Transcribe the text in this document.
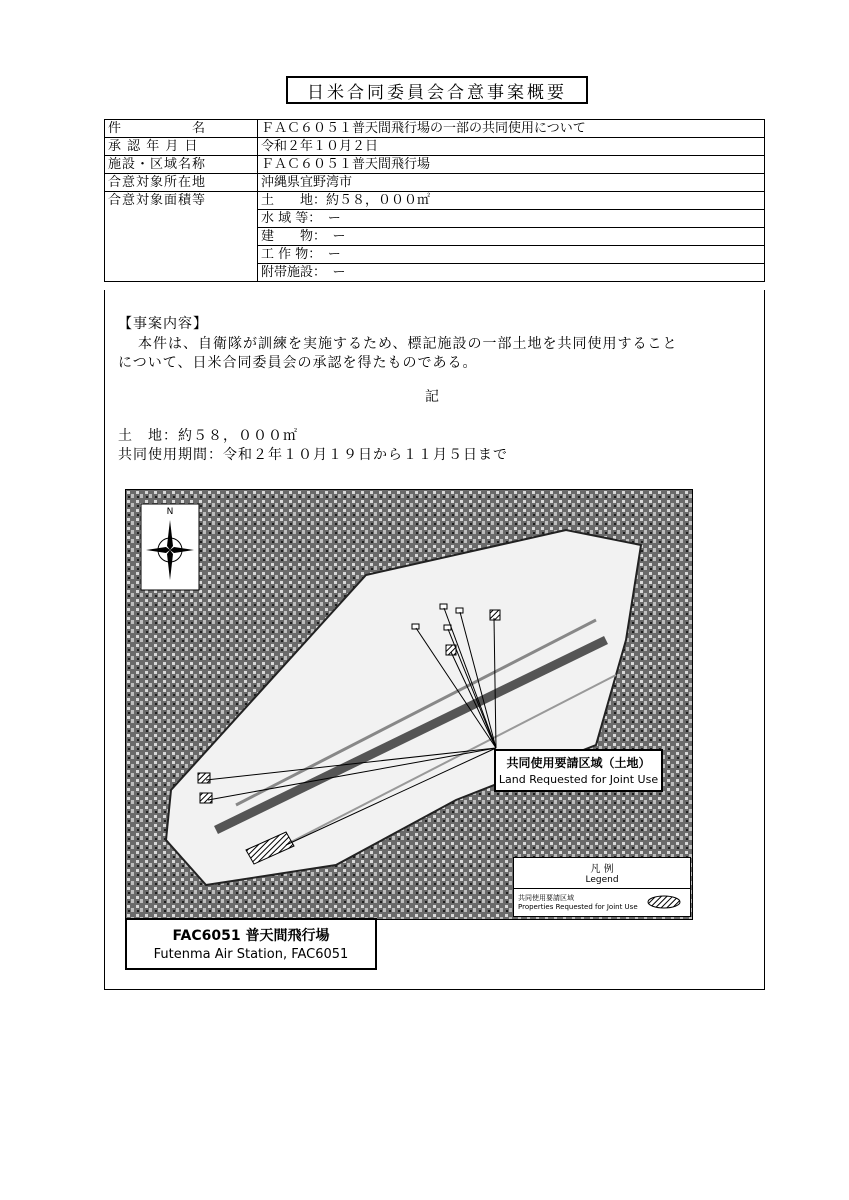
日米合同委員会合意事案概要
件　　　　　名	ＦＡＣ６０５１普天間飛行場の一部の共同使用について
承 認 年 月 日	令和２年１０月２日
施設・区域名称	ＦＡＣ６０５１普天間飛行場
合意対象所在地	沖縄県宜野湾市
合意対象面積等	土　　地：約５８，０００㎡
	水 域 等：　ー
	建　　物：　ー
	工 作 物：　ー
	附帯施設：　ー
【事案内容】
本件は、自衛隊が訓練を実施するため、標記施設の一部土地を共同使用すること
について、日米合同委員会の承認を得たものである。
記
土　地：約５８，０００㎡
共同使用期間：令和２年１０月１９日から１１月５日まで
N
共同使用要請区域（土地）
Land Requested for Joint Use
凡 例
Legend
共同使用要請区域
Properties Requested for Joint Use
FAC6051 普天間飛行場
Futenma Air Station, FAC6051
